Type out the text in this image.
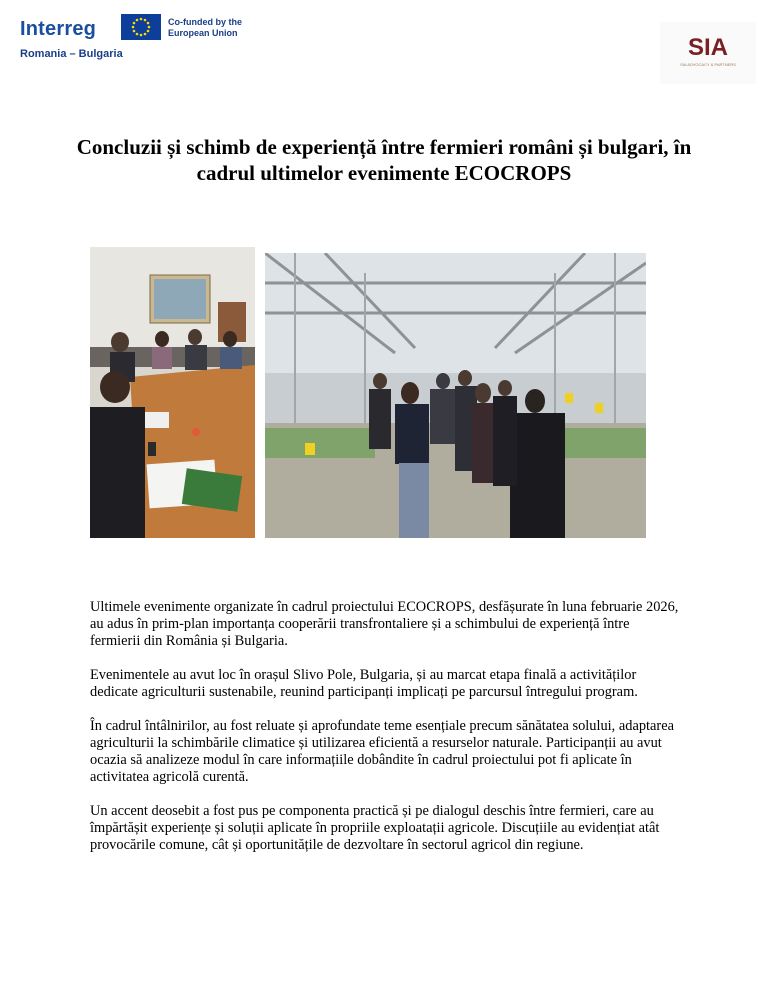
Interreg
Romania – Bulgaria
Co-funded by the European Union
SIA
SIA ADVOCACY & PARTNERS
Concluzii și schimb de experiență între fermieri români și bulgari, în cadrul ultimelor evenimente ECOCROPS

Ultimele evenimente organizate în cadrul proiectului ECOCROPS, desfășurate în luna februarie 2026, au adus în prim-plan importanța cooperării transfrontaliere și a schimbului de experiență între fermierii din România și Bulgaria.

Evenimentele au avut loc în orașul Slivo Pole, Bulgaria, și au marcat etapa finală a activităților dedicate agriculturii sustenabile, reunind participanți implicați pe parcursul întregului program.

În cadrul întâlnirilor, au fost reluate și aprofundate teme esențiale precum sănătatea solului, adaptarea agriculturii la schimbările climatice și utilizarea eficientă a resurselor naturale. Participanții au avut ocazia să analizeze modul în care informațiile dobândite în cadrul proiectului pot fi aplicate în activitatea agricolă curentă.

Un accent deosebit a fost pus pe componenta practică și pe dialogul deschis între fermieri, care au împărtășit experiențe și soluții aplicate în propriile exploatații agricole. Discuțiile au evidențiat atât provocările comune, cât și oportunitățile de dezvoltare în sectorul agricol din regiune.
